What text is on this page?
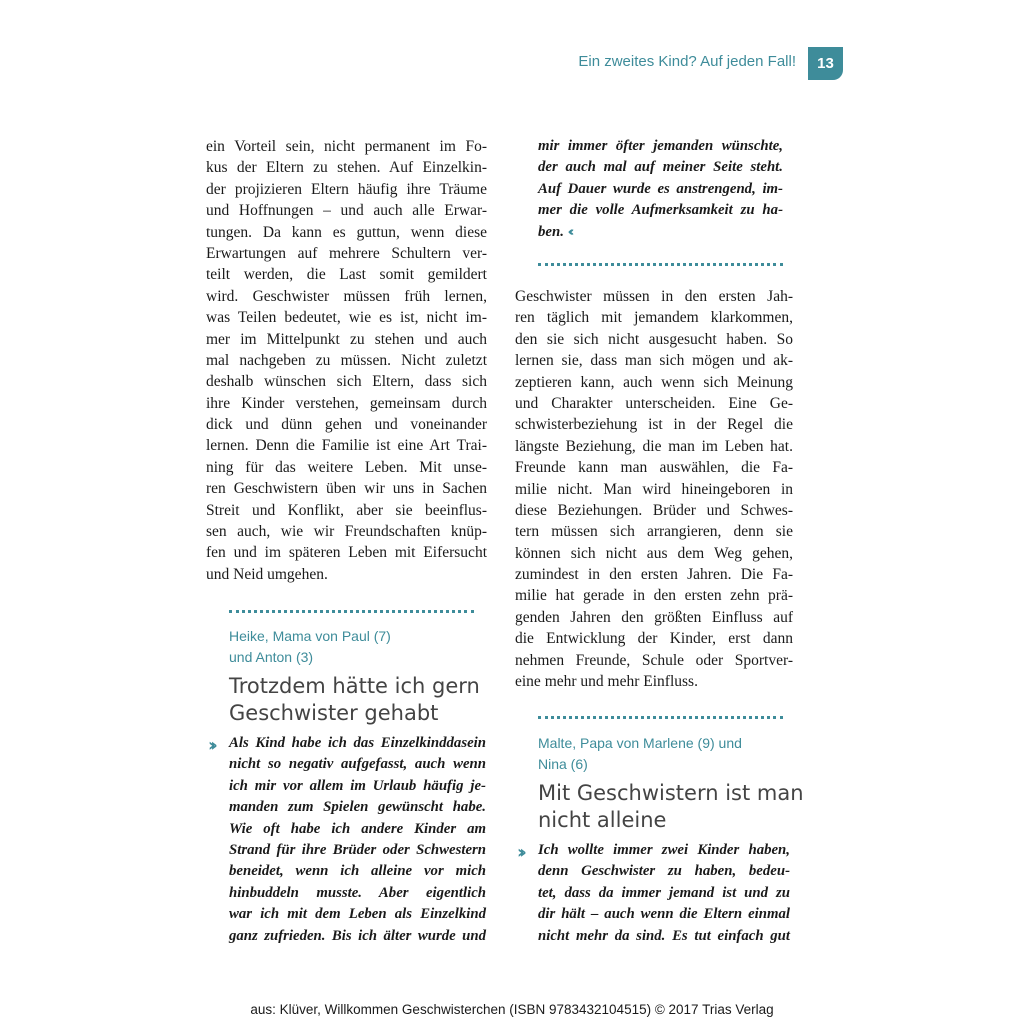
Ein zweites Kind? Auf jeden Fall!	13
ein Vorteil sein, nicht permanent im Fo-
kus der Eltern zu stehen. Auf Einzelkin-
der projizieren Eltern häufig ihre Träume
und Hoffnungen – und auch alle Erwar-
tungen. Da kann es guttun, wenn diese
Erwartungen auf mehrere Schultern ver-
teilt werden, die Last somit gemildert
wird. Geschwister müssen früh lernen,
was Teilen bedeutet, wie es ist, nicht im-
mer im Mittelpunkt zu stehen und auch
mal nachgeben zu müssen. Nicht zuletzt
deshalb wünschen sich Eltern, dass sich
ihre Kinder verstehen, gemeinsam durch
dick und dünn gehen und voneinander
lernen. Denn die Familie ist eine Art Trai-
ning für das weitere Leben. Mit unse-
ren Geschwistern üben wir uns in Sachen
Streit und Konflikt, aber sie beeinflus-
sen auch, wie wir Freundschaften knüp-
fen und im späteren Leben mit Eifersucht
und Neid umgehen.
Heike, Mama von Paul (7)
und Anton (3)
Trotzdem hätte ich gern
Geschwister gehabt
›› Als Kind habe ich das Einzelkinddasein
nicht so negativ aufgefasst, auch wenn
ich mir vor allem im Urlaub häufig je-
manden zum Spielen gewünscht habe.
Wie oft habe ich andere Kinder am
Strand für ihre Brüder oder Schwestern
beneidet, wenn ich alleine vor mich
hinbuddeln musste. Aber eigentlich
war ich mit dem Leben als Einzelkind
ganz zufrieden. Bis ich älter wurde und
mir immer öfter jemanden wünschte,
der auch mal auf meiner Seite steht.
Auf Dauer wurde es anstrengend, im-
mer die volle Aufmerksamkeit zu ha-
ben. ‹‹
Geschwister müssen in den ersten Jah-
ren täglich mit jemandem klarkommen,
den sie sich nicht ausgesucht haben. So
lernen sie, dass man sich mögen und ak-
zeptieren kann, auch wenn sich Meinung
und Charakter unterscheiden. Eine Ge-
schwisterbeziehung ist in der Regel die
längste Beziehung, die man im Leben hat.
Freunde kann man auswählen, die Fa-
milie nicht. Man wird hineingeboren in
diese Beziehungen. Brüder und Schwes-
tern müssen sich arrangieren, denn sie
können sich nicht aus dem Weg gehen,
zumindest in den ersten Jahren. Die Fa-
milie hat gerade in den ersten zehn prä-
genden Jahren den größten Einfluss auf
die Entwicklung der Kinder, erst dann
nehmen Freunde, Schule oder Sportver-
eine mehr und mehr Einfluss.
Malte, Papa von Marlene (9) und
Nina (6)
Mit Geschwistern ist man
nicht alleine
›› Ich wollte immer zwei Kinder haben,
denn Geschwister zu haben, bedeu-
tet, dass da immer jemand ist und zu
dir hält – auch wenn die Eltern einmal
nicht mehr da sind. Es tut einfach gut
aus: Klüver, Willkommen Geschwisterchen (ISBN 9783432104515) © 2017 Trias Verlag
